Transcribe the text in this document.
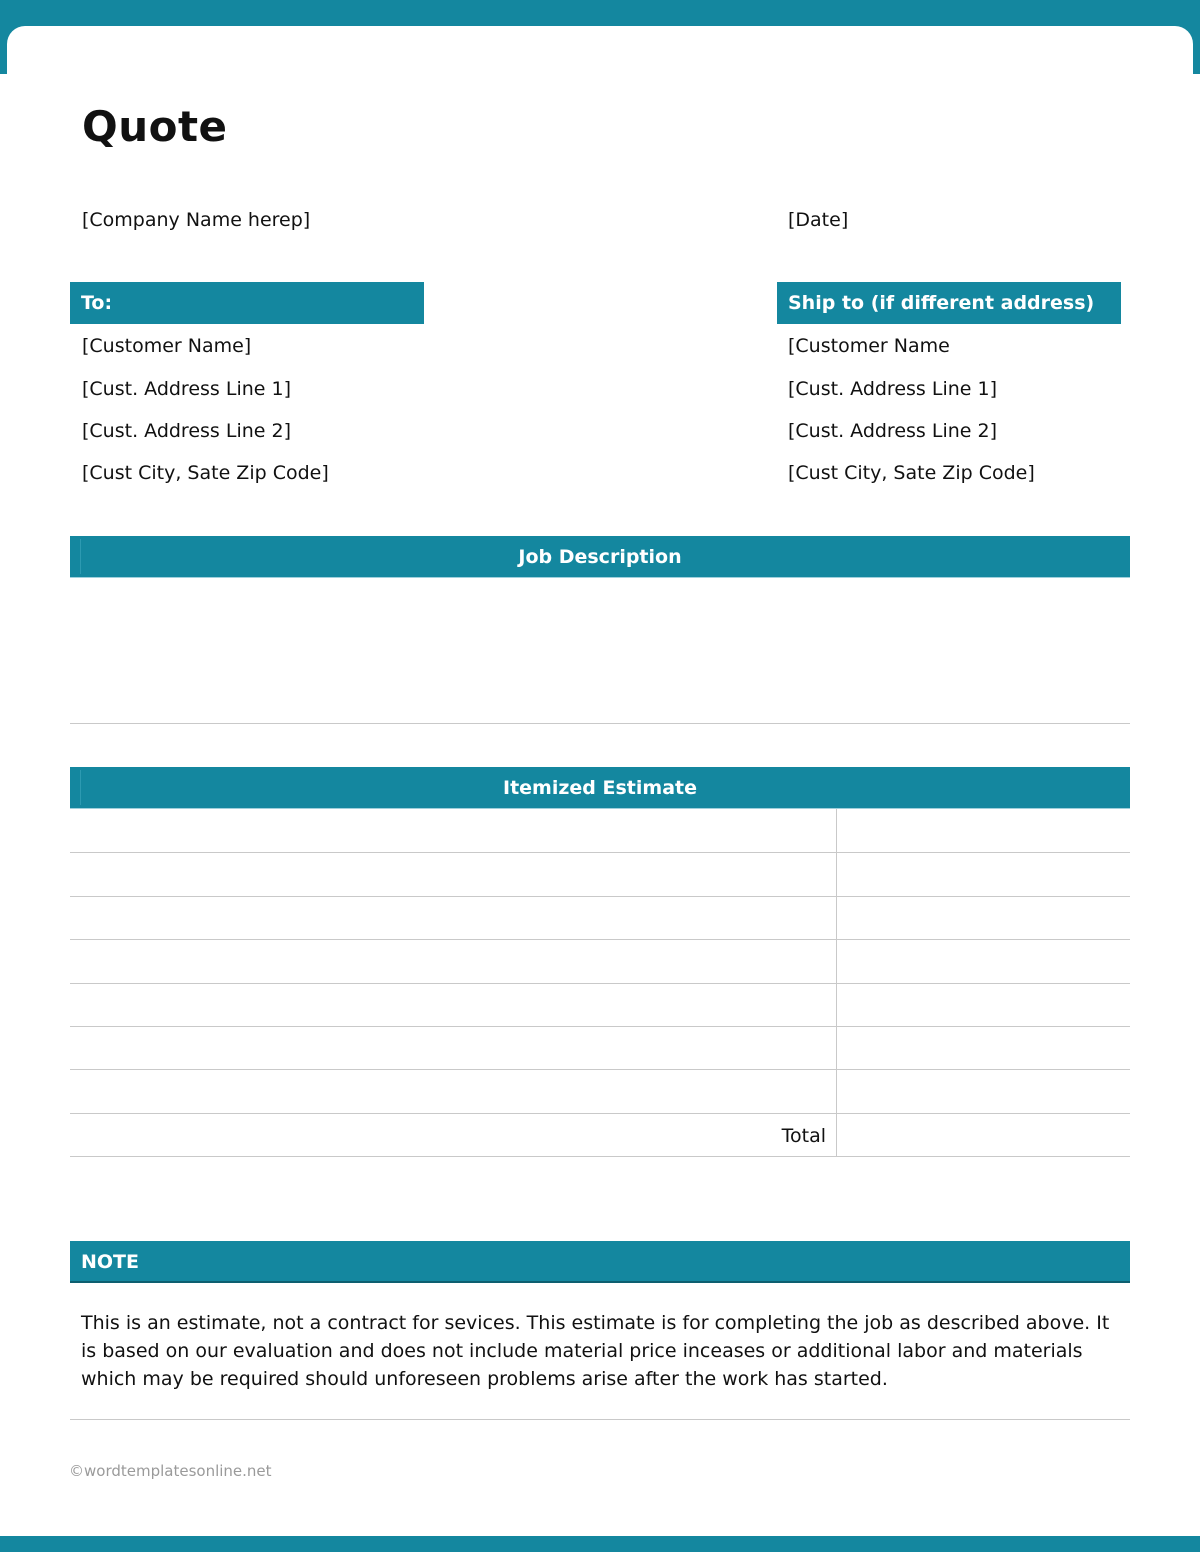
Quote
[Company Name herep]	[Date]
To:
[Customer Name]
[Cust. Address Line 1]
[Cust. Address Line 2]
[Cust City, Sate Zip Code]
Ship to (if different address)
[Customer Name
[Cust. Address Line 1]
[Cust. Address Line 2]
[Cust City, Sate Zip Code]
Job Description
Itemized Estimate
Total
NOTE
This is an estimate, not a contract for sevices. This estimate is for completing the job as described above. It is based on our evaluation and does not include material price inceases or additional labor and materials which may be required should unforeseen problems arise after the work has started.
©wordtemplatesonline.net
